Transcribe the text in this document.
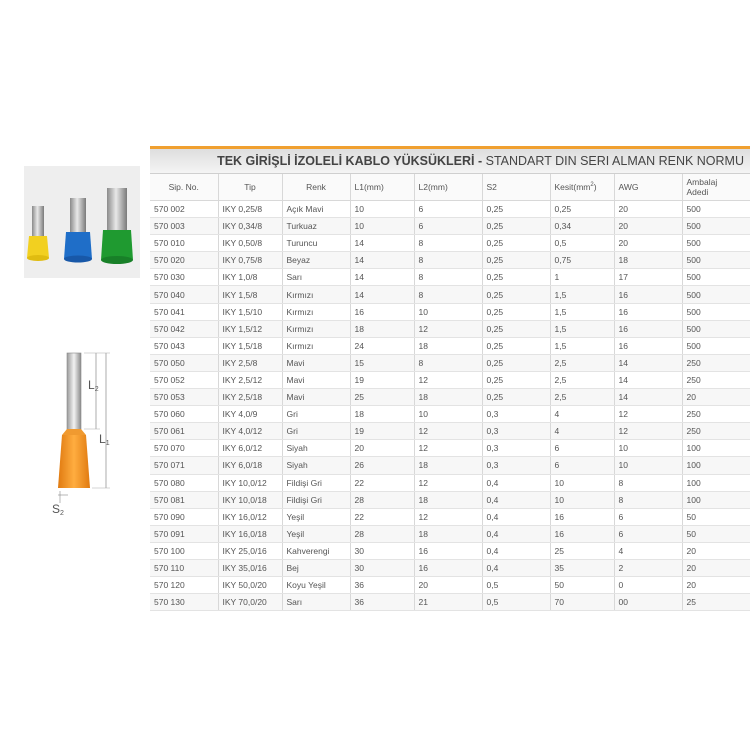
L2
L1
S2
TEK GİRİŞLİ İZOLELİ KABLO YÜKSÜKLERİ - STANDART DIN SERI ALMAN RENK NORMU
Sip. No.	Tip	Renk	L1(mm)	L2(mm)	S2	$Kesit(mm^2)$	AWG	Ambalaj
Adedi
570 002	IKY 0,25/8	Açık Mavi	10	6	0,25	0,25	20	500
570 003	IKY 0,34/8	Turkuaz	10	6	0,25	0,34	20	500
570 010	IKY 0,50/8	Turuncu	14	8	0,25	0,5	20	500
570 020	IKY 0,75/8	Beyaz	14	8	0,25	0,75	18	500
570 030	IKY 1,0/8	Sarı	14	8	0,25	1	17	500
570 040	IKY 1,5/8	Kırmızı	14	8	0,25	1,5	16	500
570 041	IKY 1,5/10	Kırmızı	16	10	0,25	1,5	16	500
570 042	IKY 1,5/12	Kırmızı	18	12	0,25	1,5	16	500
570 043	IKY 1,5/18	Kırmızı	24	18	0,25	1,5	16	500
570 050	IKY 2,5/8	Mavi	15	8	0,25	2,5	14	250
570 052	IKY 2,5/12	Mavi	19	12	0,25	2,5	14	250
570 053	IKY 2,5/18	Mavi	25	18	0,25	2,5	14	20
570 060	IKY 4,0/9	Gri	18	10	0,3	4	12	250
570 061	IKY 4,0/12	Gri	19	12	0,3	4	12	250
570 070	IKY 6,0/12	Siyah	20	12	0,3	6	10	100
570 071	IKY 6,0/18	Siyah	26	18	0,3	6	10	100
570 080	IKY 10,0/12	Fildişi Gri	22	12	0,4	10	8	100
570 081	IKY 10,0/18	Fildişi Gri	28	18	0,4	10	8	100
570 090	IKY 16,0/12	Yeşil	22	12	0,4	16	6	50
570 091	IKY 16,0/18	Yeşil	28	18	0,4	16	6	50
570 100	IKY 25,0/16	Kahverengi	30	16	0,4	25	4	20
570 110	IKY 35,0/16	Bej	30	16	0,4	35	2	20
570 120	IKY 50,0/20	Koyu Yeşil	36	20	0,5	50	0	20
570 130	IKY 70,0/20	Sarı	36	21	0,5	70	00	25
